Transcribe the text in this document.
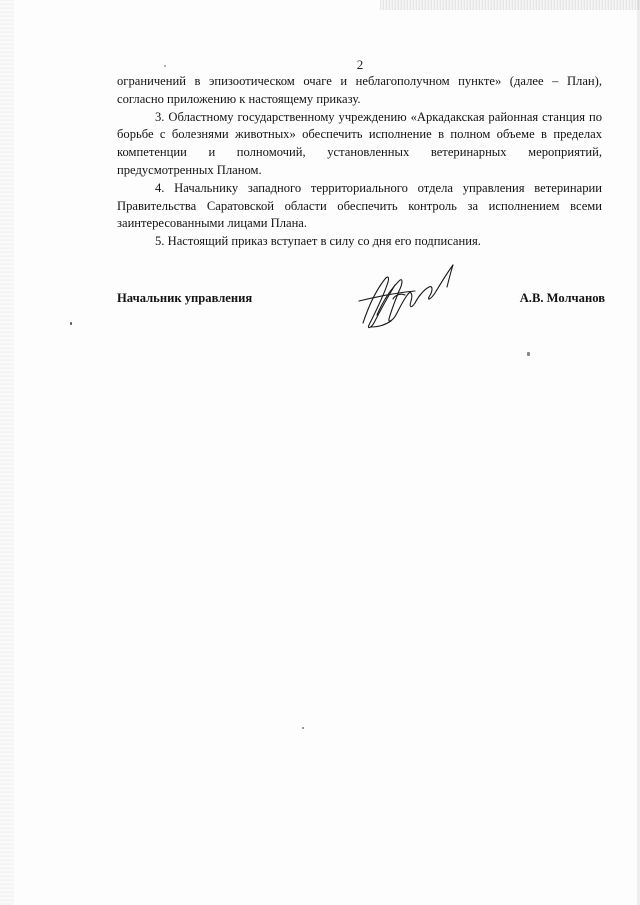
2

ограничений в эпизоотическом очаге и неблагополучном пункте» (далее – План), согласно приложению к настоящему приказу.

3. Областному государственному учреждению «Аркадакская районная станция по борьбе с болезнями животных» обеспечить исполнение в полном объеме в пределах компетенции и полномочий, установленных ветеринарных мероприятий, предусмотренных Планом.

4. Начальнику западного территориального отдела управления ветеринарии Правительства Саратовской области обеспечить контроль за исполнением всеми заинтересованными лицами Плана.

5. Настоящий приказ вступает в силу со дня его подписания.

Начальник управления	А.В. Молчанов
